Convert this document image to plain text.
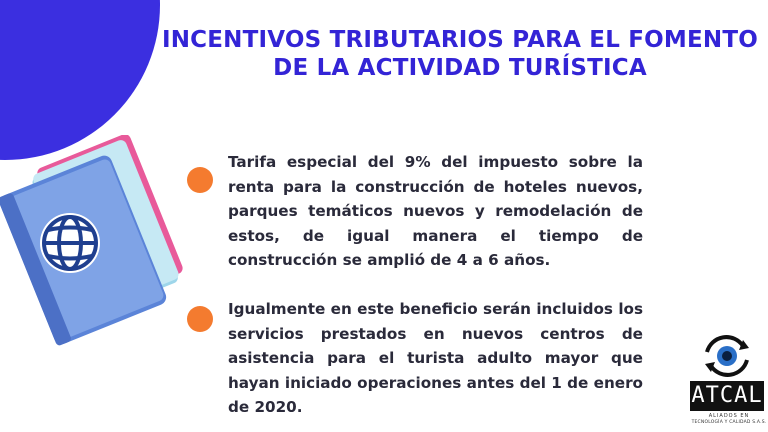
INCENTIVOS TRIBUTARIOS PARA EL FOMENTO
DE LA ACTIVIDAD TURÍSTICA
Tarifa especial del 9% del impuesto sobre la renta para la construcción de hoteles nuevos, parques temáticos nuevos y remodelación de estos, de igual manera el tiempo de construcción se amplió de 4 a 6 años.
Igualmente en este beneficio serán incluidos los servicios prestados en nuevos centros de asistencia para el turista adulto mayor que hayan iniciado operaciones antes del 1 de enero de 2020.	ATCAL
ALIADOS EN
TECNOLOGÍA Y CALIDAD S.A.S.
